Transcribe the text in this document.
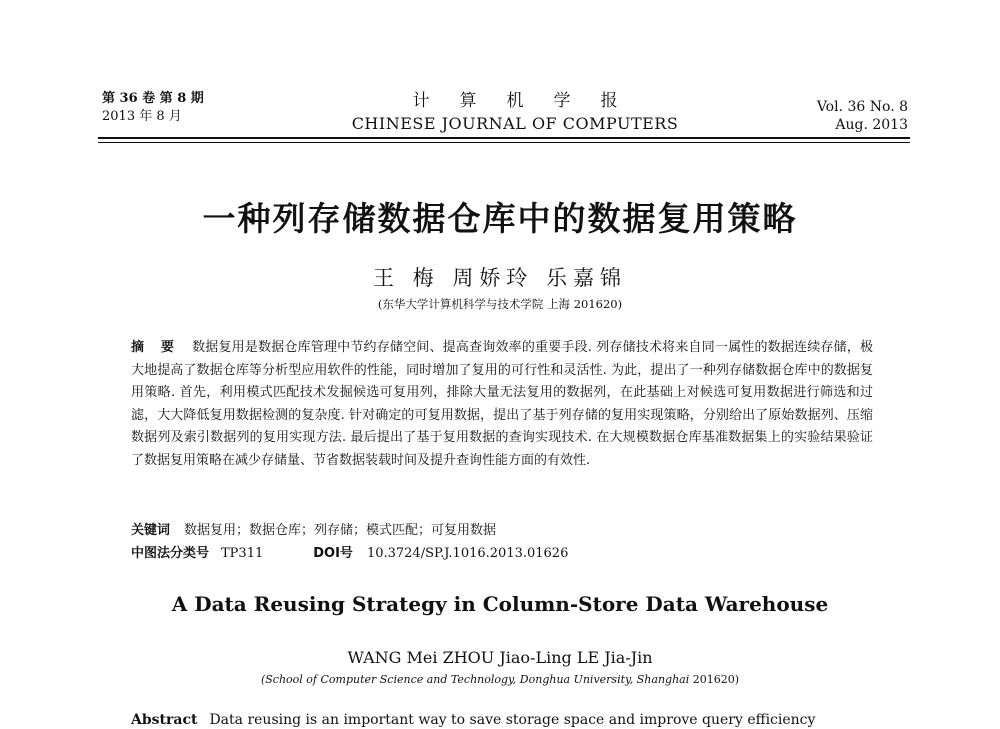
第 36 卷 第 8 期
2013 年 8 月
计算机学报
CHINESE JOURNAL OF COMPUTERS
Vol. 36 No. 8
Aug. 2013
一种列存储数据仓库中的数据复用策略
王 梅 周娇玲 乐嘉锦
(东华大学计算机科学与技术学院 上海 201620)
摘 要 数据复用是数据仓库管理中节约存储空间、提高查询效率的重要手段. 列存储技术将来自同一属性的数据连续存储，极大地提高了数据仓库等分析型应用软件的性能，同时增加了复用的可行性和灵活性. 为此，提出了一种列存储数据仓库中的数据复用策略. 首先，利用模式匹配技术发掘候选可复用列，排除大量无法复用的数据列，在此基础上对候选可复用数据进行筛选和过滤，大大降低复用数据检测的复杂度. 针对确定的可复用数据，提出了基于列存储的复用实现策略，分别给出了原始数据列、压缩数据列及索引数据列的复用实现方法. 最后提出了基于复用数据的查询实现技术. 在大规模数据仓库基准数据集上的实验结果验证了数据复用策略在减少存储量、节省数据装载时间及提升查询性能方面的有效性.
关键词 数据复用；数据仓库；列存储；模式匹配；可复用数据
中图法分类号 TP311	DOI号 10.3724/SP.J.1016.2013.01626
A Data Reusing Strategy in Column-Store Data Warehouse
WANG Mei ZHOU Jiao-Ling LE Jia-Jin
(School of Computer Science and Technology, Donghua University, Shanghai 201620)
Abstract Data reusing is an important way to save storage space and improve query efficiency
